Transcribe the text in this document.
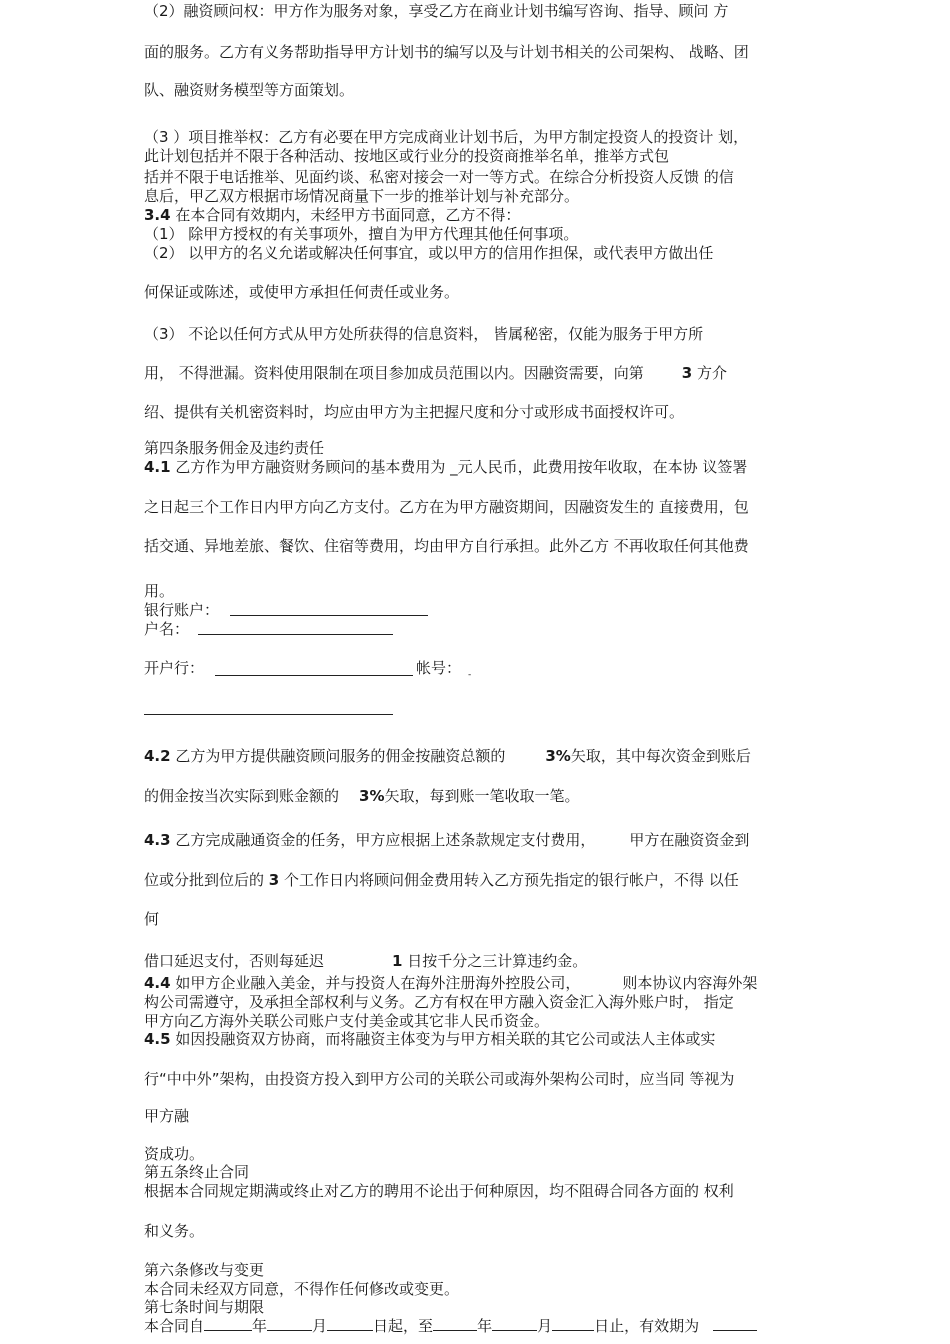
（2）融资顾问权：甲方作为服务对象，享受乙方在商业计划书编写咨询、指导、顾问 方
面的服务。乙方有义务帮助指导甲方计划书的编写以及与计划书相关的公司架构、 战略、团
队、融资财务模型等方面策划。
（3 ）项目推举权：乙方有必要在甲方完成商业计划书后，为甲方制定投资人的投资计 划，
此计划包括并不限于各种活动、按地区或行业分的投资商推举名单，推举方式包
括并不限于电话推举、见面约谈、私密对接会一对一等方式。在综合分析投资人反馈 的信
息后，甲乙双方根据市场情况商量下一步的推举计划与补充部分。
3.4 在本合同有效期内，未经甲方书面同意，乙方不得：
（1） 除甲方授权的有关事项外，擅自为甲方代理其他任何事项。
（2） 以甲方的名义允诺或解决任何事宜，或以甲方的信用作担保，或代表甲方做出任
何保证或陈述，或使甲方承担任何责任或业务。
（3） 不论以任何方式从甲方处所获得的信息资料， 皆属秘密，仅能为服务于甲方所
用， 不得泄漏。资料使用限制在项目参加成员范围以内。因融资需要，向第	3 方介
绍、提供有关机密资料时，均应由甲方为主把握尺度和分寸或形成书面授权许可。
第四条服务佣金及违约责任
4.1 乙方作为甲方融资财务顾问的基本费用为 _元人民币，此费用按年收取，在本协 议签署
之日起三个工作日内甲方向乙方支付。乙方在为甲方融资期间，因融资发生的 直接费用，包
括交通、异地差旅、餐饮、住宿等费用，均由甲方自行承担。此外乙方 不再收取任何其他费
用。
银行账户：
户名：
开户行：	帐号： -
4.2 乙方为甲方提供融资顾问服务的佣金按融资总额的	3%矢取，其中每次资金到账后
的佣金按当次实际到账金额的 3%矢取，每到账一笔收取一笔。
4.3 乙方完成融通资金的任务，甲方应根据上述条款规定支付费用， 甲方在融资资金到
位或分批到位后的 3 个工作日内将顾问佣金费用转入乙方预先指定的银行帐户，不得 以任
何
借口延迟支付，否则每延迟	1 日按千分之三计算违约金。
4.4 如甲方企业融入美金，并与投资人在海外注册海外控股公司，	则本协议内容海外架
构公司需遵守，及承担全部权利与义务。乙方有权在甲方融入资金汇入海外账户时， 指定
甲方向乙方海外关联公司账户支付美金或其它非人民币资金。
4.5 如因投融资双方协商，而将融资主体变为与甲方相关联的其它公司或法人主体或实
行“中中外”架构，由投资方投入到甲方公司的关联公司或海外架构公司时，应当同 等视为
甲方融
资成功。
第五条终止合同
根据本合同规定期满或终止对乙方的聘用不论出于何种原因，均不阻碍合同各方面的 权利
和义务。
第六条修改与变更
本合同未经双方同意，不得作任何修改或变更。
第七条时间与期限
本合同自	年	月	日起，至	年	月	日止，有效期为
